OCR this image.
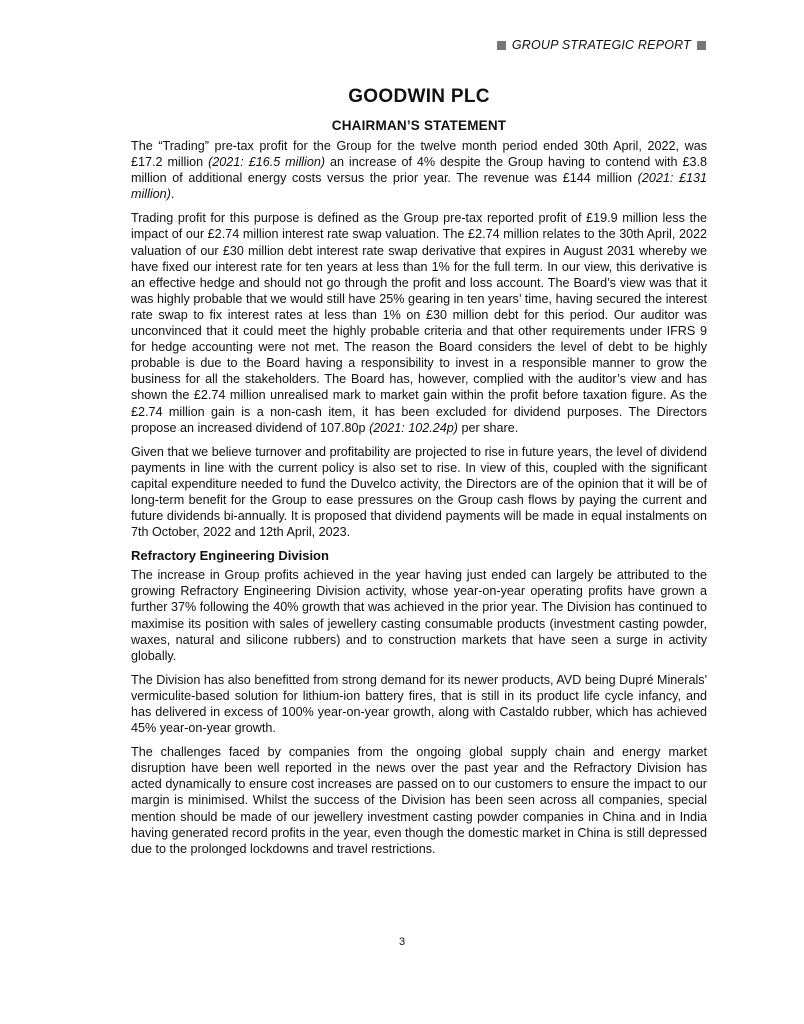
GROUP STRATEGIC REPORT
GOODWIN PLC
CHAIRMAN’S STATEMENT

The “Trading” pre-tax profit for the Group for the twelve month period ended 30th April, 2022, was £17.2 million (2021: £16.5 million) an increase of 4% despite the Group having to contend with £3.8 million of additional energy costs versus the prior year. The revenue was £144 million (2021: £131 million).

Trading profit for this purpose is defined as the Group pre-tax reported profit of £19.9 million less the impact of our £2.74 million interest rate swap valuation. The £2.74 million relates to the 30th April, 2022 valuation of our £30 million debt interest rate swap derivative that expires in August 2031 whereby we have fixed our interest rate for ten years at less than 1% for the full term. In our view, this derivative is an effective hedge and should not go through the profit and loss account. The Board’s view was that it was highly probable that we would still have 25% gearing in ten years’ time, having secured the interest rate swap to fix interest rates at less than 1% on £30 million debt for this period. Our auditor was unconvinced that it could meet the highly probable criteria and that other requirements under IFRS 9 for hedge accounting were not met. The reason the Board considers the level of debt to be highly probable is due to the Board having a responsibility to invest in a responsible manner to grow the business for all the stakeholders. The Board has, however, complied with the auditor’s view and has shown the £2.74 million unrealised mark to market gain within the profit before taxation figure. As the £2.74 million gain is a non-cash item, it has been excluded for dividend purposes. The Directors propose an increased dividend of 107.80p (2021: 102.24p) per share.

Given that we believe turnover and profitability are projected to rise in future years, the level of dividend payments in line with the current policy is also set to rise. In view of this, coupled with the significant capital expenditure needed to fund the Duvelco activity, the Directors are of the opinion that it will be of long-term benefit for the Group to ease pressures on the Group cash flows by paying the current and future dividends bi-annually. It is proposed that dividend payments will be made in equal instalments on 7th October, 2022 and 12th April, 2023.

Refractory Engineering Division

The increase in Group profits achieved in the year having just ended can largely be attributed to the growing Refractory Engineering Division activity, whose year-on-year operating profits have grown a further 37% following the 40% growth that was achieved in the prior year. The Division has continued to maximise its position with sales of jewellery casting consumable products (investment casting powder, waxes, natural and silicone rubbers) and to construction markets that have seen a surge in activity globally.

The Division has also benefitted from strong demand for its newer products, AVD being Dupré Minerals' vermiculite-based solution for lithium-ion battery fires, that is still in its product life cycle infancy, and has delivered in excess of 100% year-on-year growth, along with Castaldo rubber, which has achieved 45% year-on-year growth.

The challenges faced by companies from the ongoing global supply chain and energy market disruption have been well reported in the news over the past year and the Refractory Division has acted dynamically to ensure cost increases are passed on to our customers to ensure the impact to our margin is minimised. Whilst the success of the Division has been seen across all companies, special mention should be made of our jewellery investment casting powder companies in China and in India having generated record profits in the year, even though the domestic market in China is still depressed due to the prolonged lockdowns and travel restrictions.

3
